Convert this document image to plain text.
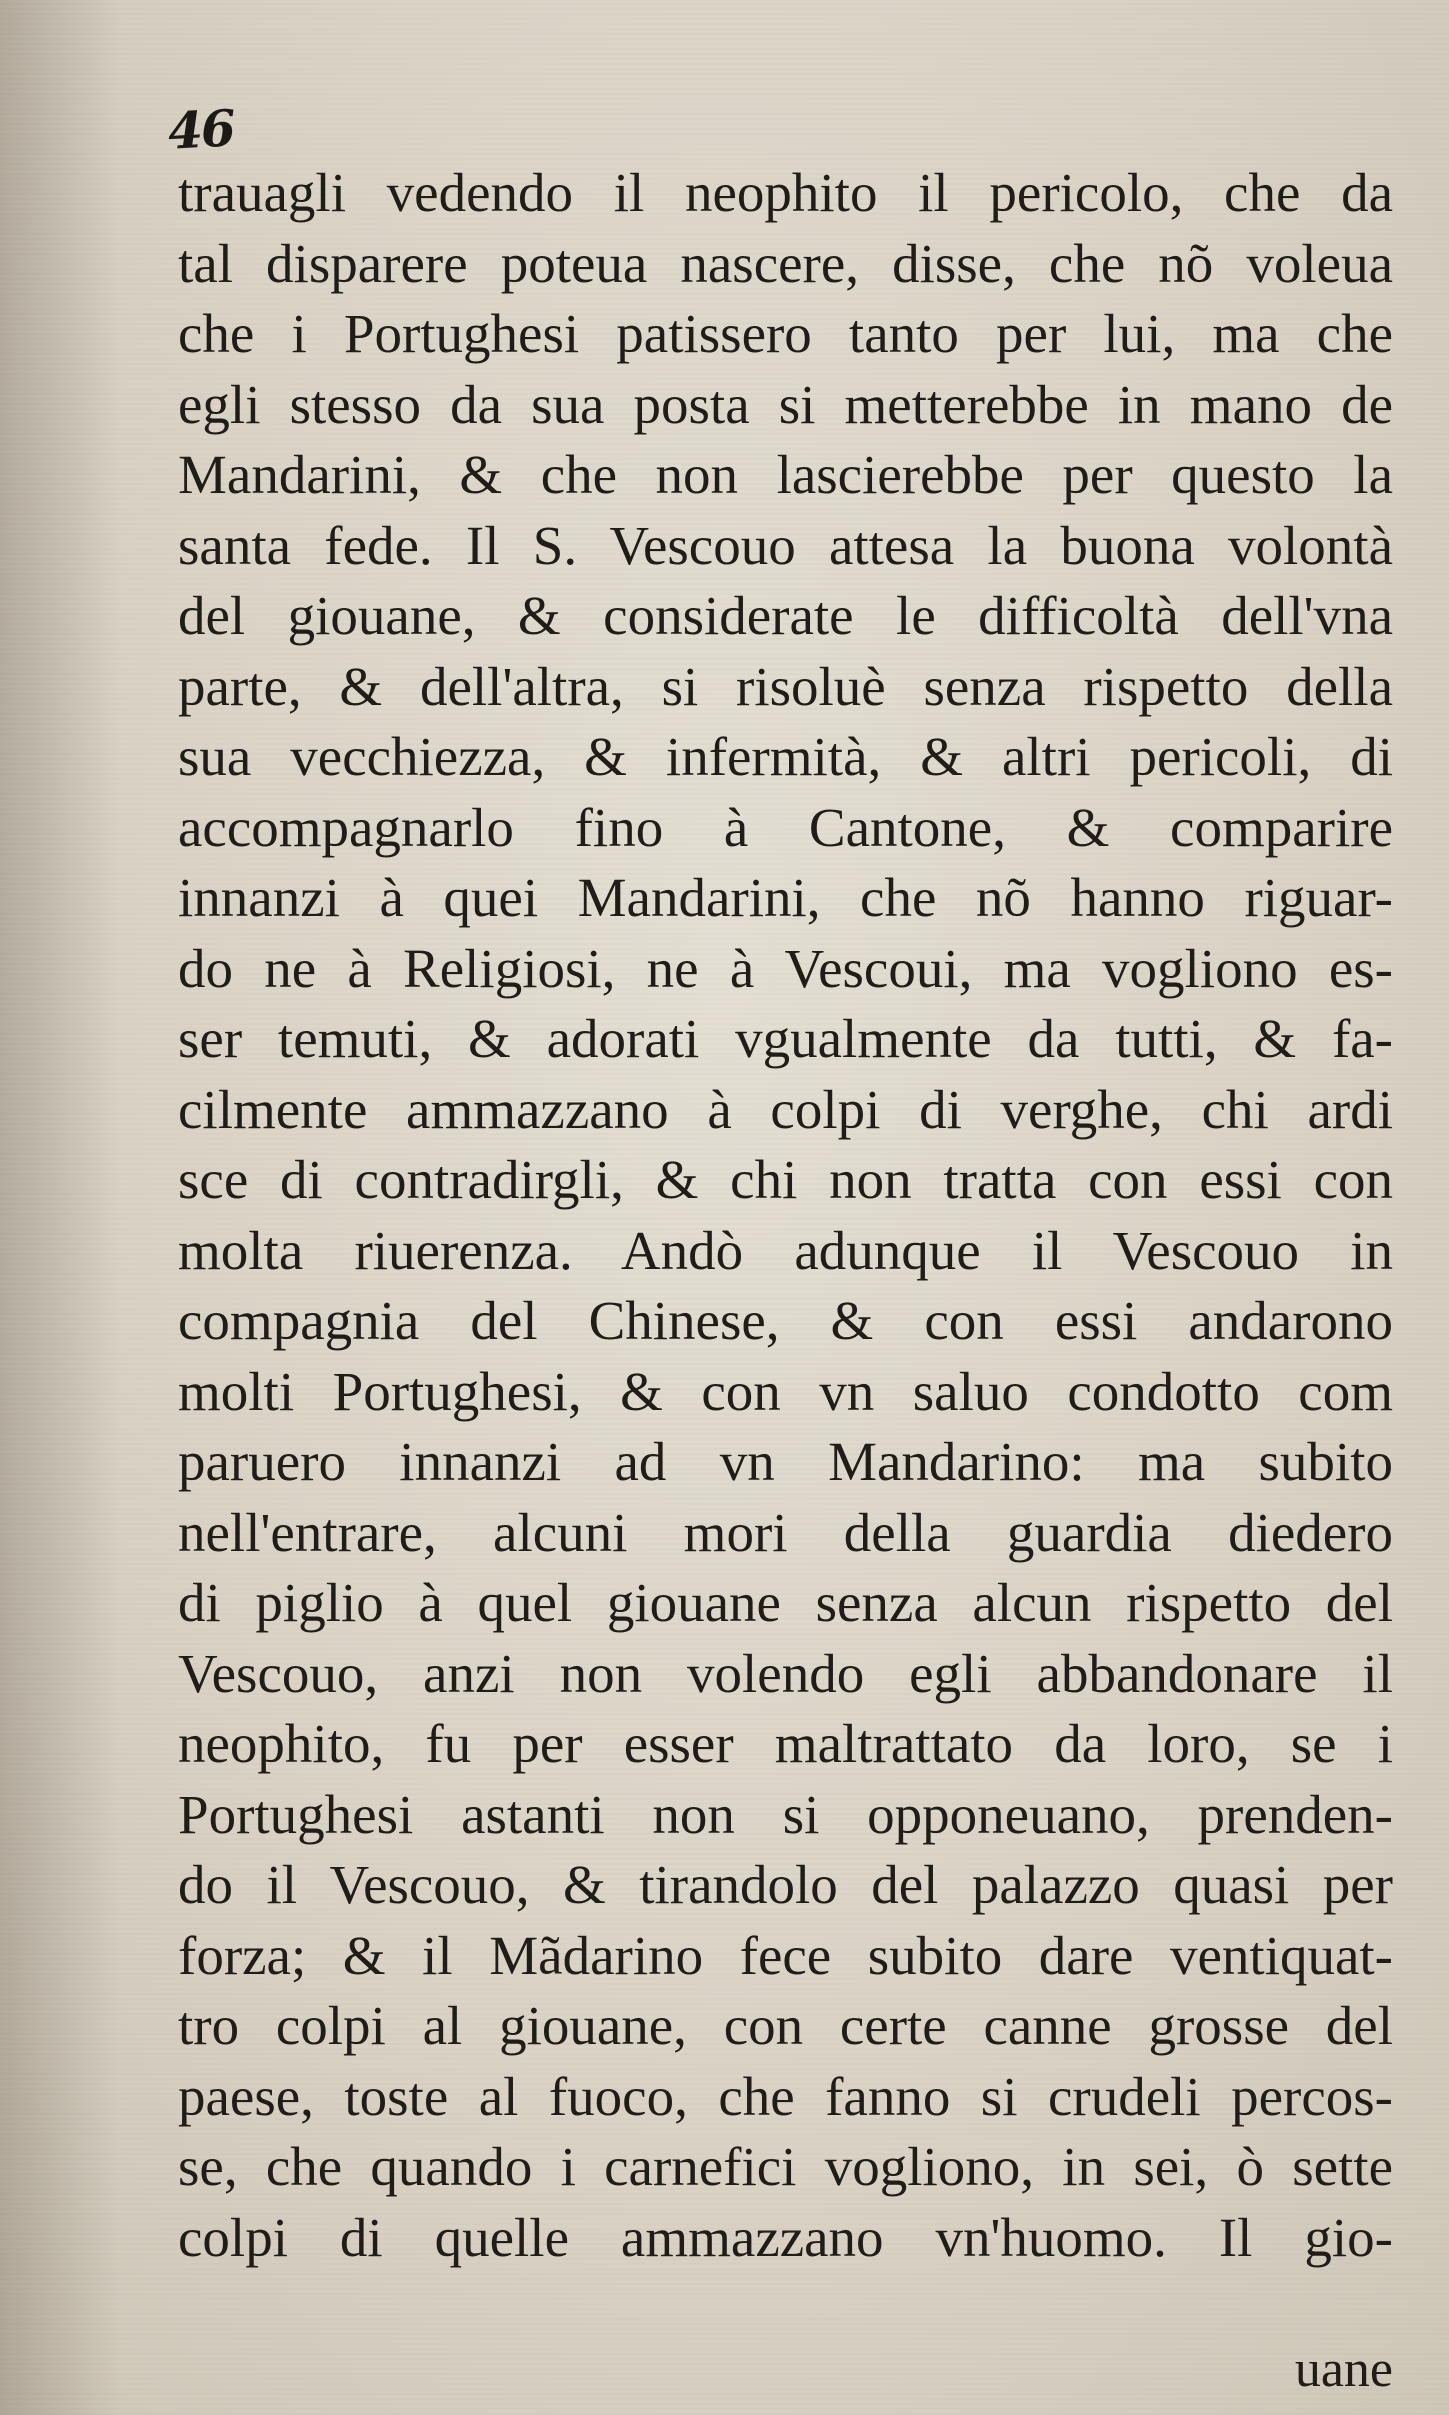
46
trauagli vedendo il neophito il pericolo, che da
tal disparere poteua nascere, disse, che nõ voleua
che i Portughesi patissero tanto per lui, ma che
egli stesso da sua posta si metterebbe in mano de
Mandarini, & che non lascierebbe per questo la
santa fede. Il S. Vescouo attesa la buona volontà
del giouane, & considerate le difficoltà dell'vna
parte, & dell'altra, si risoluè senza rispetto della
sua vecchiezza, & infermità, & altri pericoli, di
accompagnarlo fino à Cantone, & comparire
innanzi à quei Mandarini, che nõ hanno riguar-
do ne à Religiosi, ne à Vescoui, ma vogliono es-
ser temuti, & adorati vgualmente da tutti, & fa-
cilmente ammazzano à colpi di verghe, chi ardi
sce di contradirgli, & chi non tratta con essi con
molta riuerenza. Andò adunque il Vescouo in
compagnia del Chinese, & con essi andarono
molti Portughesi, & con vn saluo condotto com
paruero innanzi ad vn Mandarino: ma subito
nell'entrare, alcuni mori della guardia diedero
di piglio à quel giouane senza alcun rispetto del
Vescouo, anzi non volendo egli abbandonare il
neophito, fu per esser maltrattato da loro, se i
Portughesi astanti non si opponeuano, prenden-
do il Vescouo, & tirandolo del palazzo quasi per
forza; & il Mãdarino fece subito dare ventiquat-
tro colpi al giouane, con certe canne grosse del
paese, toste al fuoco, che fanno si crudeli percos-
se, che quando i carnefici vogliono, in sei, ò sette
colpi di quelle ammazzano vn'huomo. Il gio-
uane
